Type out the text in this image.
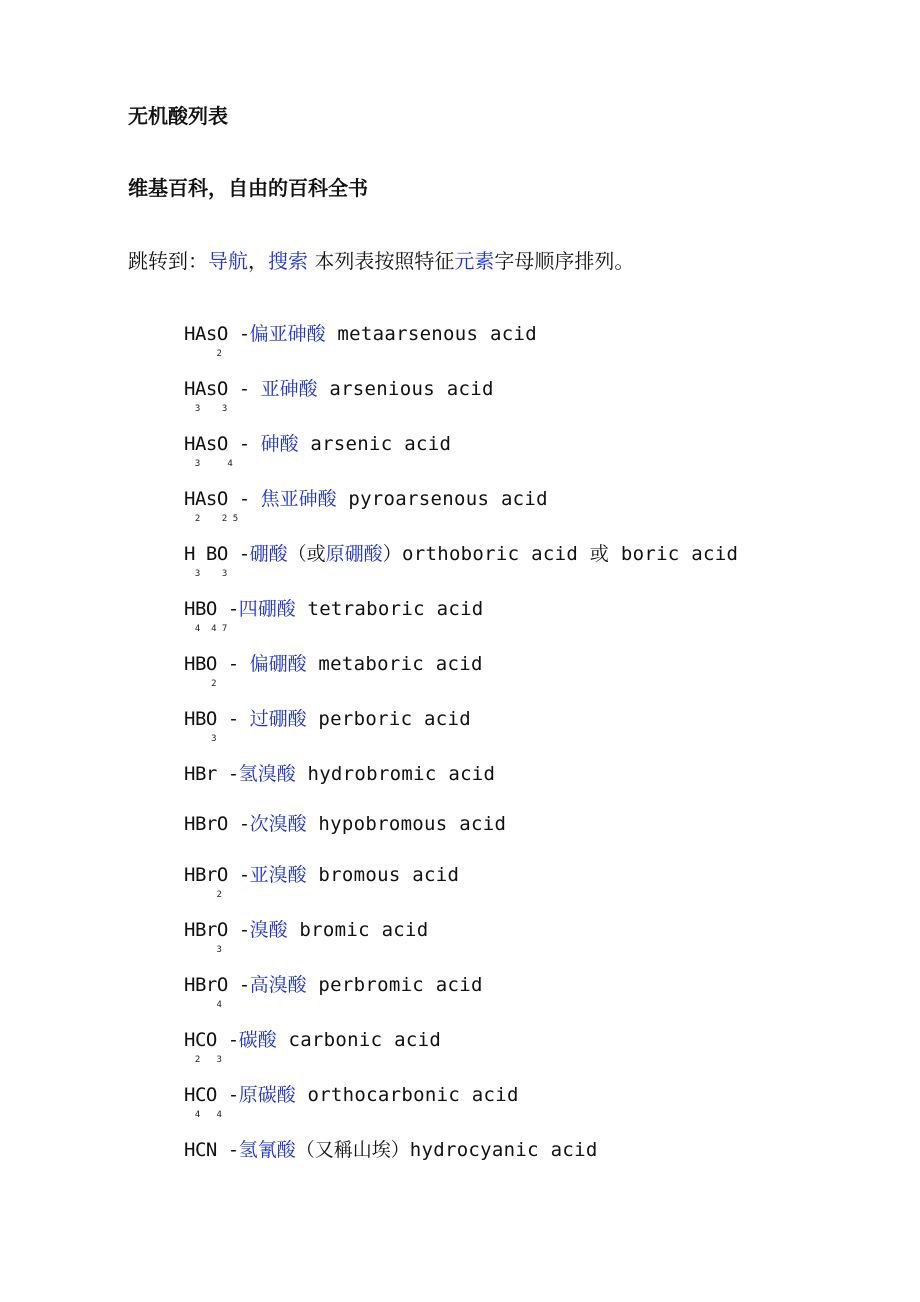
无机酸列表
维基百科，自由的百科全书
跳转到：导航，搜索 本列表按照特征元素字母顺序排列。
HAsO -偏亚砷酸 metaarsenous acid
2
HAsO - 亚砷酸 arsenious acid
3    3
HAsO - 砷酸 arsenic acid
3     4
HAsO - 焦亚砷酸 pyroarsenous acid
2    2 5
H BO -硼酸（或原硼酸）orthoboric acid 或 boric acid
3    3
HBO -四硼酸 tetraboric acid
4  4 7
HBO - 偏硼酸 metaboric acid
2
HBO - 过硼酸 perboric acid
3
HBr -氢溴酸 hydrobromic acid
HBrO -次溴酸 hypobromous acid
HBrO -亚溴酸 bromous acid
2
HBrO -溴酸 bromic acid
3
HBrO -高溴酸 perbromic acid
4
HCO -碳酸 carbonic acid
2   3
HCO -原碳酸 orthocarbonic acid
4   4
HCN -氢氰酸（又稱山埃）hydrocyanic acid
